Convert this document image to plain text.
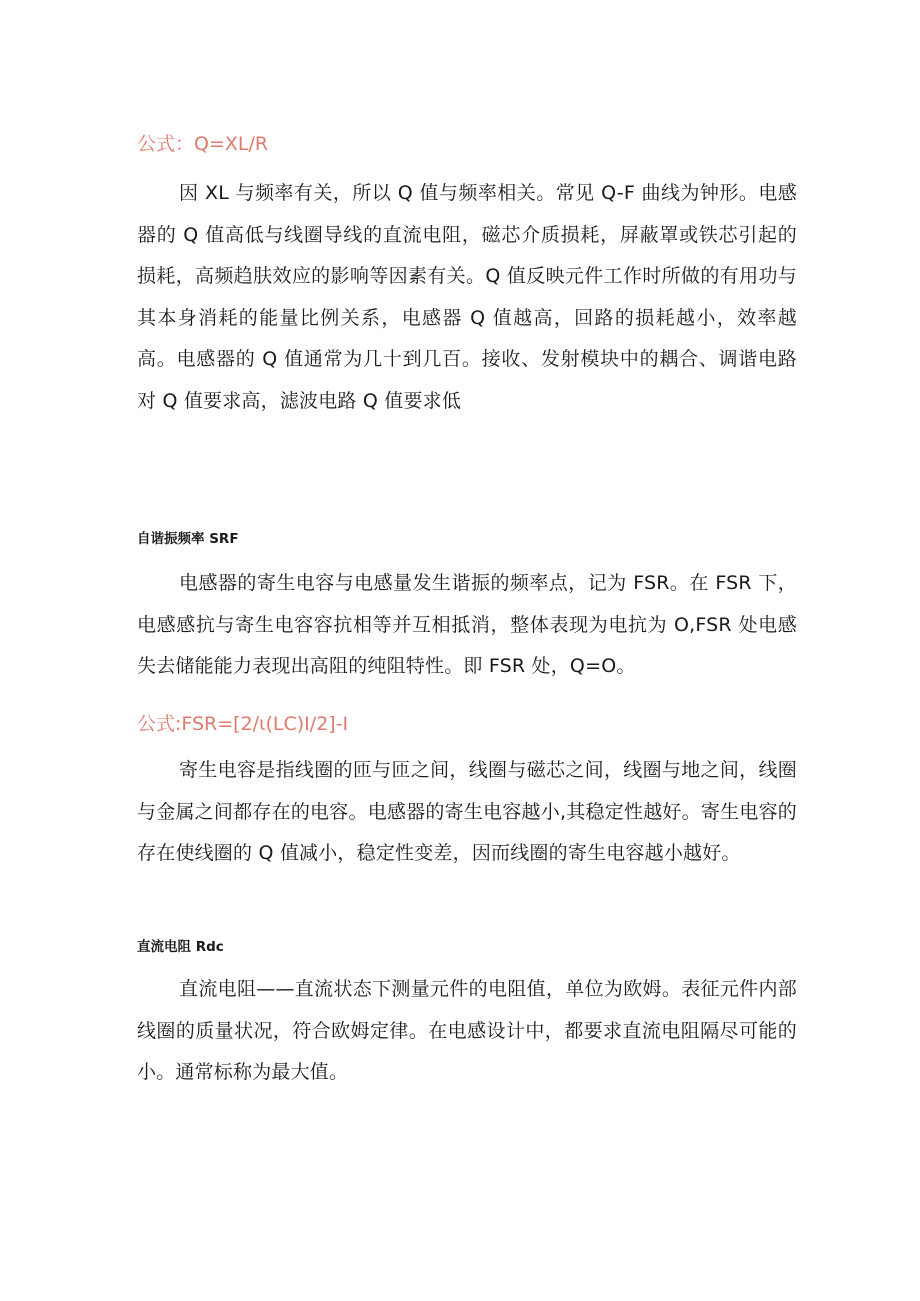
公式：Q=XL/R

因 XL 与频率有关，所以 Q 值与频率相关。常见 Q-F 曲线为钟形。电感器的 Q 值高低与线圈导线的直流电阻，磁芯介质损耗，屏蔽罩或铁芯引起的损耗，高频趋肤效应的影响等因素有关。Q 值反映元件工作时所做的有用功与其本身消耗的能量比例关系，电感器 Q 值越高，回路的损耗越小，效率越高。电感器的 Q 值通常为几十到几百。接收、发射模块中的耦合、调谐电路对 Q 值要求高，滤波电路 Q 值要求低

自谐振频率 SRF

电感器的寄生电容与电感量发生谐振的频率点，记为 FSR。在 FSR 下，电感感抗与寄生电容容抗相等并互相抵消，整体表现为电抗为 O,FSR 处电感失去储能能力表现出高阻的纯阻特性。即 FSR 处，Q=O。

公式:FSR=[2∕ι(LC)Ι/2]-I

寄生电容是指线圈的匝与匝之间，线圈与磁芯之间，线圈与地之间，线圈与金属之间都存在的电容。电感器的寄生电容越小,其稳定性越好。寄生电容的存在使线圈的 Q 值减小，稳定性变差，因而线圈的寄生电容越小越好。

直流电阻 Rdc

直流电阻——直流状态下测量元件的电阻值，单位为欧姆。表征元件内部线圈的质量状况，符合欧姆定律。在电感设计中，都要求直流电阻隔尽可能的小。通常标称为最大值。
